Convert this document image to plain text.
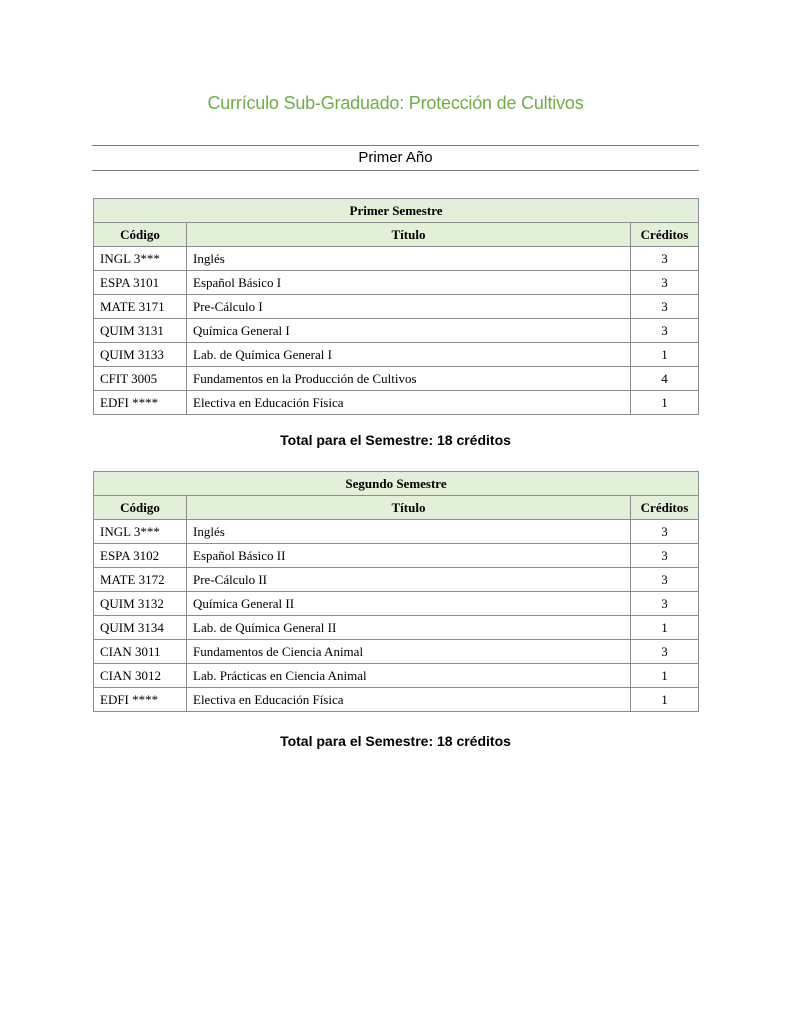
Currículo Sub-Graduado: Protección de Cultivos
Primer Año
Primer Semestre		
Código	Título	Créditos
INGL 3***	Inglés	3
ESPA 3101	Español Básico I	3
MATE 3171	Pre-Cálculo I	3
QUIM 3131	Química General I	3
QUIM 3133	Lab. de Química General I	1
CFIT 3005	Fundamentos en la Producción de Cultivos	4
EDFI ****	Electiva en Educación Física	1
Total para el Semestre: 18 créditos
Segundo Semestre		
Código	Título	Créditos
INGL 3***	Inglés	3
ESPA 3102	Español Básico II	3
MATE 3172	Pre-Cálculo II	3
QUIM 3132	Química General II	3
QUIM 3134	Lab. de Química General II	1
CIAN 3011	Fundamentos de Ciencia Animal	3
CIAN 3012	Lab. Prácticas en Ciencia Animal	1
EDFI ****	Electiva en Educación Física	1
Total para el Semestre: 18 créditos
